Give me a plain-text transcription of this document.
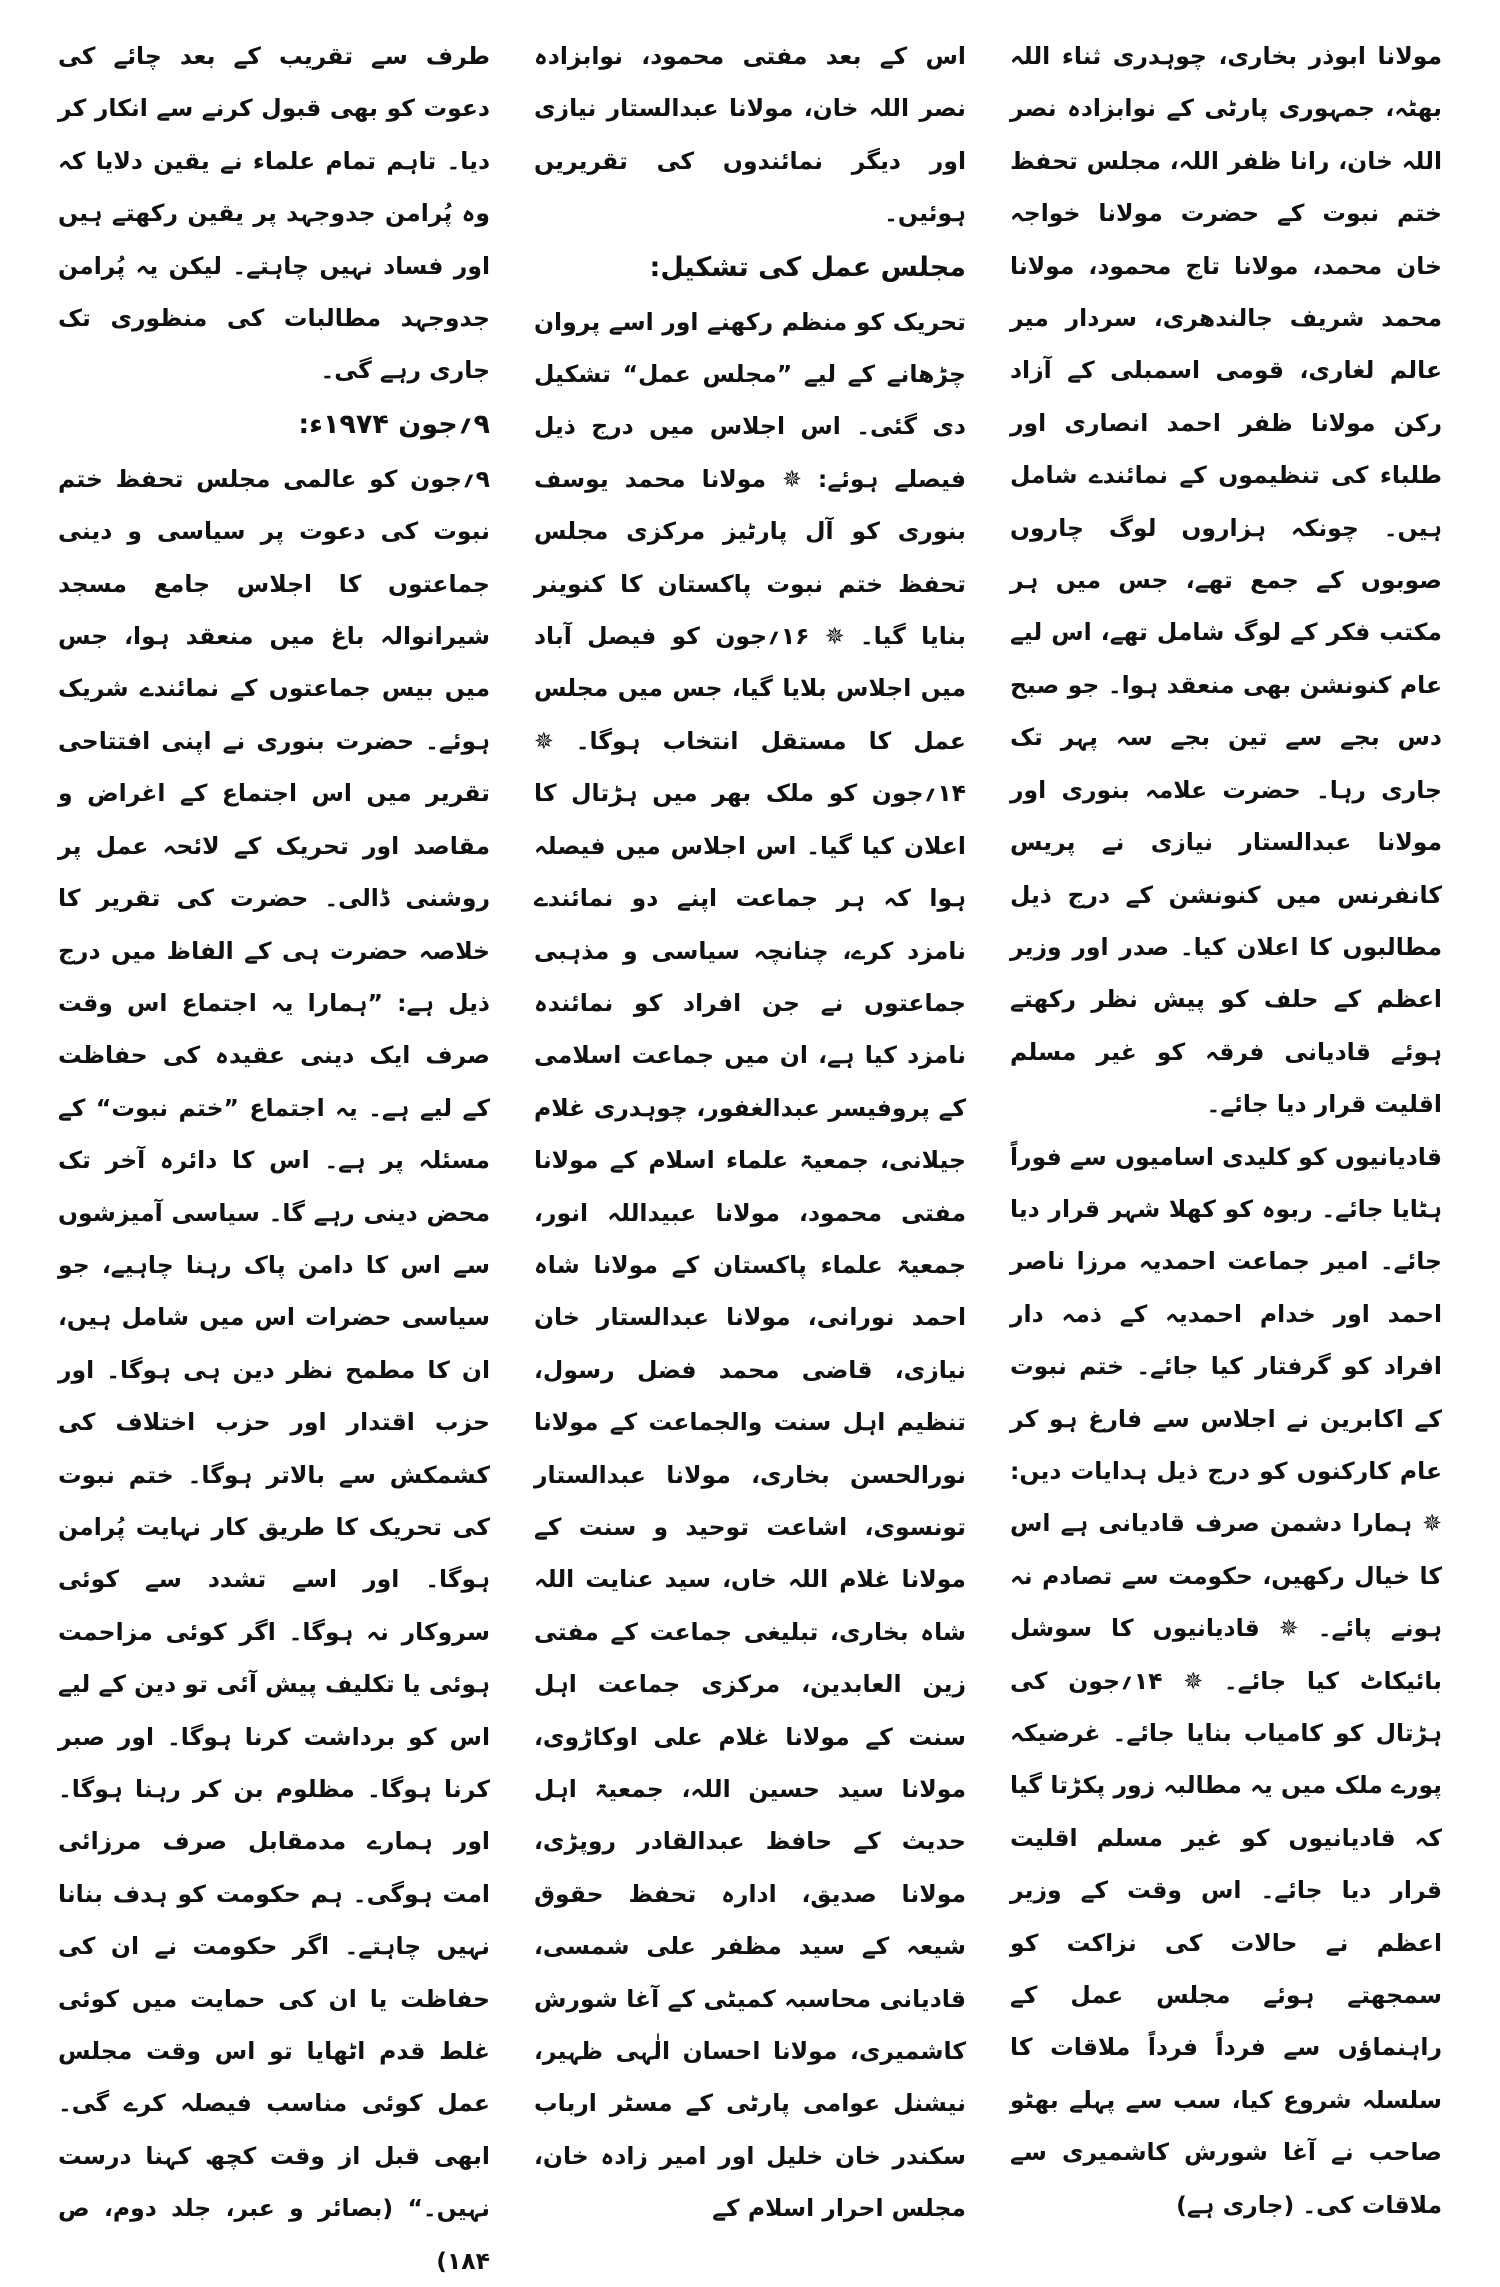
طرف سے تقریب کے بعد چائے کی دعوت کو بھی قبول کرنے سے انکار کر دیا۔ تاہم تمام علماء نے یقین دلایا کہ وہ پُرامن جدوجہد پر یقین رکھتے ہیں اور فساد نہیں چاہتے۔ لیکن یہ پُرامن جدوجہد مطالبات کی منظوری تک جاری رہے گی۔

۹؍جون ۱۹۷۴ء:

۹؍جون کو عالمی مجلس تحفظ ختم نبوت کی دعوت پر سیاسی و دینی جماعتوں کا اجلاس جامع مسجد شیرانوالہ باغ میں منعقد ہوا، جس میں بیس جماعتوں کے نمائندے شریک ہوئے۔ حضرت بنوری نے اپنی افتتاحی تقریر میں اس اجتماع کے اغراض و مقاصد اور تحریک کے لائحہ عمل پر روشنی ڈالی۔ حضرت کی تقریر کا خلاصہ حضرت ہی کے الفاظ میں درج ذیل ہے: ”ہمارا یہ اجتماع اس وقت صرف ایک دینی عقیدہ کی حفاظت کے لیے ہے۔ یہ اجتماع ”ختم نبوت“ کے مسئلہ پر ہے۔ اس کا دائرہ آخر تک محض دینی رہے گا۔ سیاسی آمیزشوں سے اس کا دامن پاک رہنا چاہیے، جو سیاسی حضرات اس میں شامل ہیں، ان کا مطمح نظر دین ہی ہوگا۔ اور حزب اقتدار اور حزب اختلاف کی کشمکش سے بالاتر ہوگا۔ ختم نبوت کی تحریک کا طریق کار نہایت پُرامن ہوگا۔ اور اسے تشدد سے کوئی سروکار نہ ہوگا۔ اگر کوئی مزاحمت ہوئی یا تکلیف پیش آئی تو دین کے لیے اس کو برداشت کرنا ہوگا۔ اور صبر کرنا ہوگا۔ مظلوم بن کر رہنا ہوگا۔ اور ہمارے مدمقابل صرف مرزائی امت ہوگی۔ ہم حکومت کو ہدف بنانا نہیں چاہتے۔ اگر حکومت نے ان کی حفاظت یا ان کی حمایت میں کوئی غلط قدم اٹھایا تو اس وقت مجلس عمل کوئی مناسب فیصلہ کرے گی۔ ابھی قبل از وقت کچھ کہنا درست نہیں۔“ (بصائر و عبر، جلد دوم، ص ۱۸۴)

اس کے بعد مفتی محمود، نوابزادہ نصر اللہ خان، مولانا عبدالستار نیازی اور دیگر نمائندوں کی تقریریں ہوئیں۔

مجلس عمل کی تشکیل:

تحریک کو منظم رکھنے اور اسے پروان چڑھانے کے لیے ”مجلس عمل“ تشکیل دی گئی۔ اس اجلاس میں درج ذیل فیصلے ہوئے: ✵ مولانا محمد یوسف بنوری کو آل پارٹیز مرکزی مجلس تحفظ ختم نبوت پاکستان کا کنوینر بنایا گیا۔ ✵ ۱۶؍جون کو فیصل آباد میں اجلاس بلایا گیا، جس میں مجلس عمل کا مستقل انتخاب ہوگا۔ ✵ ۱۴؍جون کو ملک بھر میں ہڑتال کا اعلان کیا گیا۔ اس اجلاس میں فیصلہ ہوا کہ ہر جماعت اپنے دو نمائندے نامزد کرے، چنانچہ سیاسی و مذہبی جماعتوں نے جن افراد کو نمائندہ نامزد کیا ہے، ان میں جماعت اسلامی کے پروفیسر عبدالغفور، چوہدری غلام جیلانی، جمعیۃ علماء اسلام کے مولانا مفتی محمود، مولانا عبیداللہ انور، جمعیۃ علماء پاکستان کے مولانا شاہ احمد نورانی، مولانا عبدالستار خان نیازی، قاضی محمد فضل رسول، تنظیم اہل سنت والجماعت کے مولانا نورالحسن بخاری، مولانا عبدالستار تونسوی، اشاعت توحید و سنت کے مولانا غلام اللہ خاں، سید عنایت اللہ شاہ بخاری، تبلیغی جماعت کے مفتی زین العابدین، مرکزی جماعت اہل سنت کے مولانا غلام علی اوکاڑوی، مولانا سید حسین اللہ، جمعیۃ اہل حدیث کے حافظ عبدالقادر روپڑی، مولانا صدیق، ادارہ تحفظ حقوق شیعہ کے سید مظفر علی شمسی، قادیانی محاسبہ کمیٹی کے آغا شورش کاشمیری، مولانا احسان الٰہی ظہیر، نیشنل عوامی پارٹی کے مسٹر ارباب سکندر خان خلیل اور امیر زادہ خان، مجلس احرار اسلام کے

مولانا ابوذر بخاری، چوہدری ثناء اللہ بھٹہ، جمہوری پارٹی کے نوابزادہ نصر اللہ خان، رانا ظفر اللہ، مجلس تحفظ ختم نبوت کے حضرت مولانا خواجہ خان محمد، مولانا تاج محمود، مولانا محمد شریف جالندھری، سردار میر عالم لغاری، قومی اسمبلی کے آزاد رکن مولانا ظفر احمد انصاری اور طلباء کی تنظیموں کے نمائندے شامل ہیں۔ چونکہ ہزاروں لوگ چاروں صوبوں کے جمع تھے، جس میں ہر مکتب فکر کے لوگ شامل تھے، اس لیے عام کنونشن بھی منعقد ہوا۔ جو صبح دس بجے سے تین بجے سہ پہر تک جاری رہا۔ حضرت علامہ بنوری اور مولانا عبدالستار نیازی نے پریس کانفرنس میں کنونشن کے درج ذیل مطالبوں کا اعلان کیا۔ صدر اور وزیر اعظم کے حلف کو پیش نظر رکھتے ہوئے قادیانی فرقہ کو غیر مسلم اقلیت قرار دیا جائے۔

قادیانیوں کو کلیدی اسامیوں سے فوراً ہٹایا جائے۔ ربوہ کو کھلا شہر قرار دیا جائے۔ امیر جماعت احمدیہ مرزا ناصر احمد اور خدام احمدیہ کے ذمہ دار افراد کو گرفتار کیا جائے۔ ختم نبوت کے اکابرین نے اجلاس سے فارغ ہو کر عام کارکنوں کو درج ذیل ہدایات دیں: ✵ ہمارا دشمن صرف قادیانی ہے اس کا خیال رکھیں، حکومت سے تصادم نہ ہونے پائے۔ ✵ قادیانیوں کا سوشل بائیکاٹ کیا جائے۔ ✵ ۱۴؍جون کی ہڑتال کو کامیاب بنایا جائے۔ غرضیکہ پورے ملک میں یہ مطالبہ زور پکڑتا گیا کہ قادیانیوں کو غیر مسلم اقلیت قرار دیا جائے۔ اس وقت کے وزیر اعظم نے حالات کی نزاکت کو سمجھتے ہوئے مجلس عمل کے راہنماؤں سے فرداً فرداً ملاقات کا سلسلہ شروع کیا، سب سے پہلے بھٹو صاحب نے آغا شورش کاشمیری سے ملاقات کی۔ (جاری ہے)
